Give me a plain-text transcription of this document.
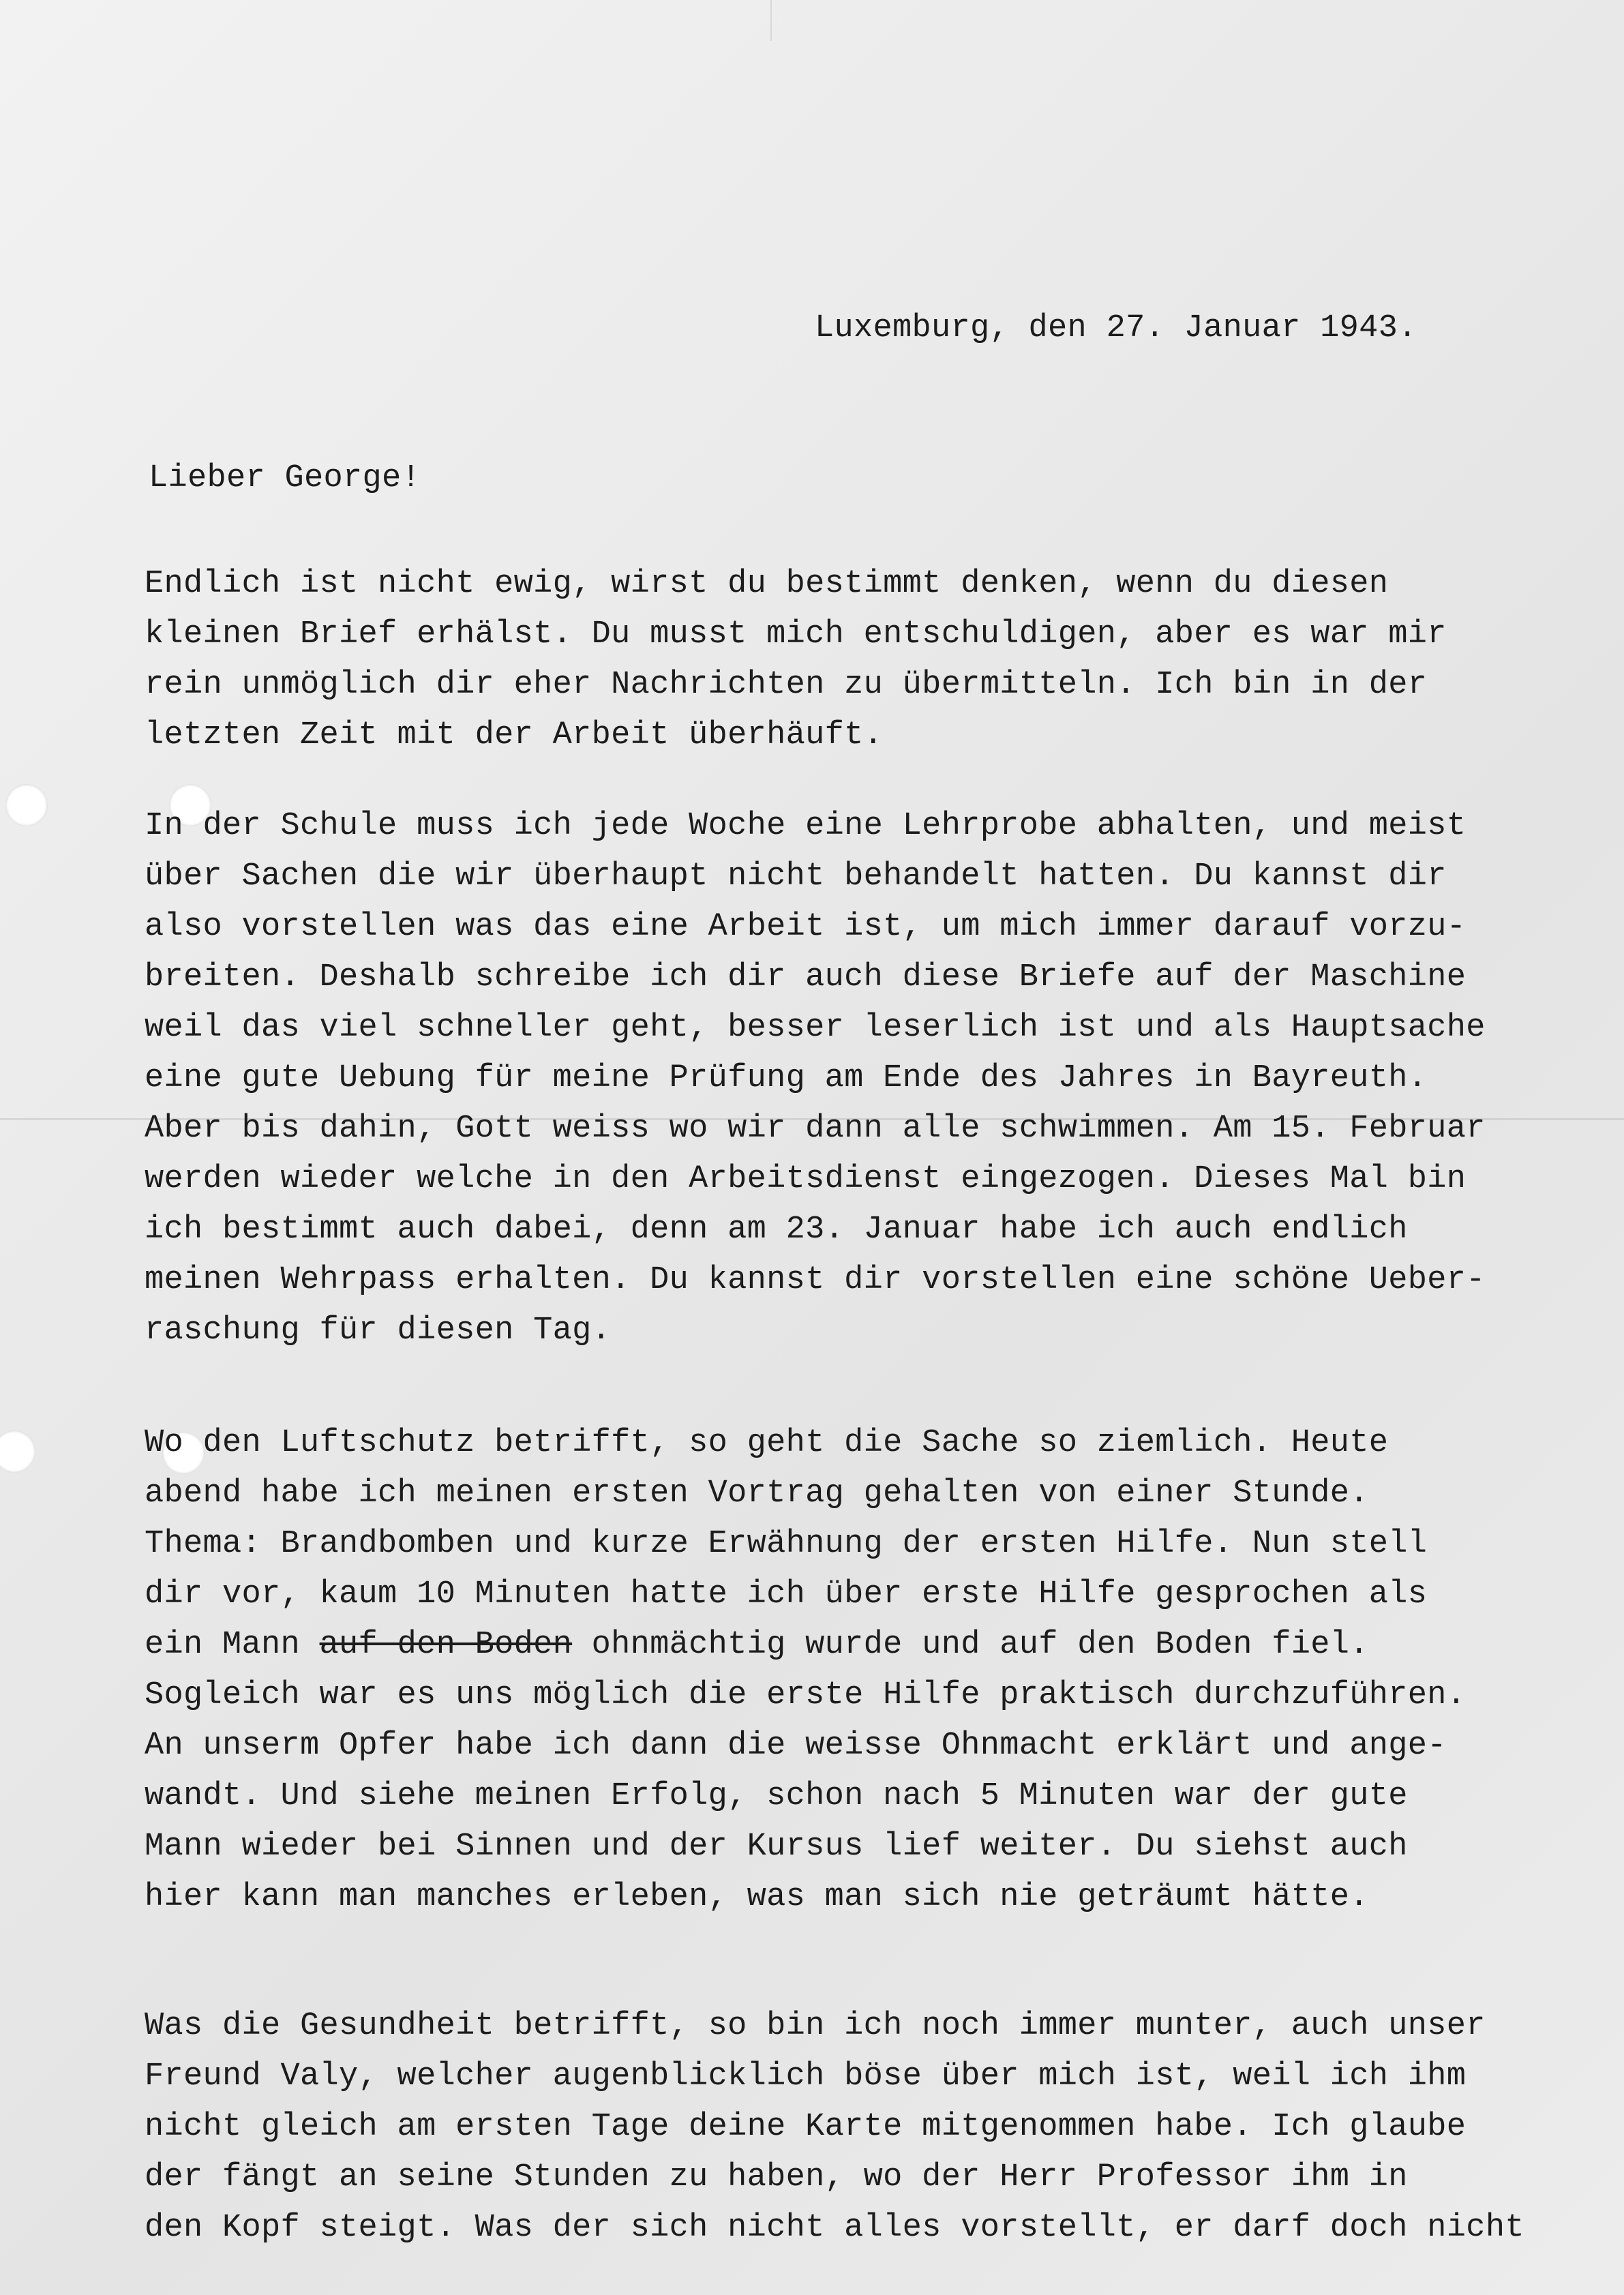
Luxemburg, den 27. Januar 1943.
Lieber George!
Endlich ist nicht ewig, wirst du bestimmt denken, wenn du diesen
kleinen Brief erhälst. Du musst mich entschuldigen, aber es war mir
rein unmöglich dir eher Nachrichten zu übermitteln. Ich bin in der
letzten Zeit mit der Arbeit überhäuft.
In der Schule muss ich jede Woche eine Lehrprobe abhalten, und meist
über Sachen die wir überhaupt nicht behandelt hatten. Du kannst dir
also vorstellen was das eine Arbeit ist, um mich immer darauf vorzu-
breiten. Deshalb schreibe ich dir auch diese Briefe auf der Maschine
weil das viel schneller geht, besser leserlich ist und als Hauptsache
eine gute Uebung für meine Prüfung am Ende des Jahres in Bayreuth.
Aber bis dahin, Gott weiss wo wir dann alle schwimmen. Am 15. Februar
werden wieder welche in den Arbeitsdienst eingezogen. Dieses Mal bin
ich bestimmt auch dabei, denn am 23. Januar habe ich auch endlich
meinen Wehrpass erhalten. Du kannst dir vorstellen eine schöne Ueber-
raschung für diesen Tag.
Wo den Luftschutz betrifft, so geht die Sache so ziemlich. Heute
abend habe ich meinen ersten Vortrag gehalten von einer Stunde.
Thema: Brandbomben und kurze Erwähnung der ersten Hilfe. Nun stell
dir vor, kaum 10 Minuten hatte ich über erste Hilfe gesprochen als
ein Mann auf den Boden ohnmächtig wurde und auf den Boden fiel.
Sogleich war es uns möglich die erste Hilfe praktisch durchzuführen.
An unserm Opfer habe ich dann die weisse Ohnmacht erklärt und ange-
wandt. Und siehe meinen Erfolg, schon nach 5 Minuten war der gute
Mann wieder bei Sinnen und der Kursus lief weiter. Du siehst auch
hier kann man manches erleben, was man sich nie geträumt hätte.
Was die Gesundheit betrifft, so bin ich noch immer munter, auch unser
Freund Valy, welcher augenblicklich böse über mich ist, weil ich ihm
nicht gleich am ersten Tage deine Karte mitgenommen habe. Ich glaube
der fängt an seine Stunden zu haben, wo der Herr Professor ihm in
den Kopf steigt. Was der sich nicht alles vorstellt, er darf doch nicht
